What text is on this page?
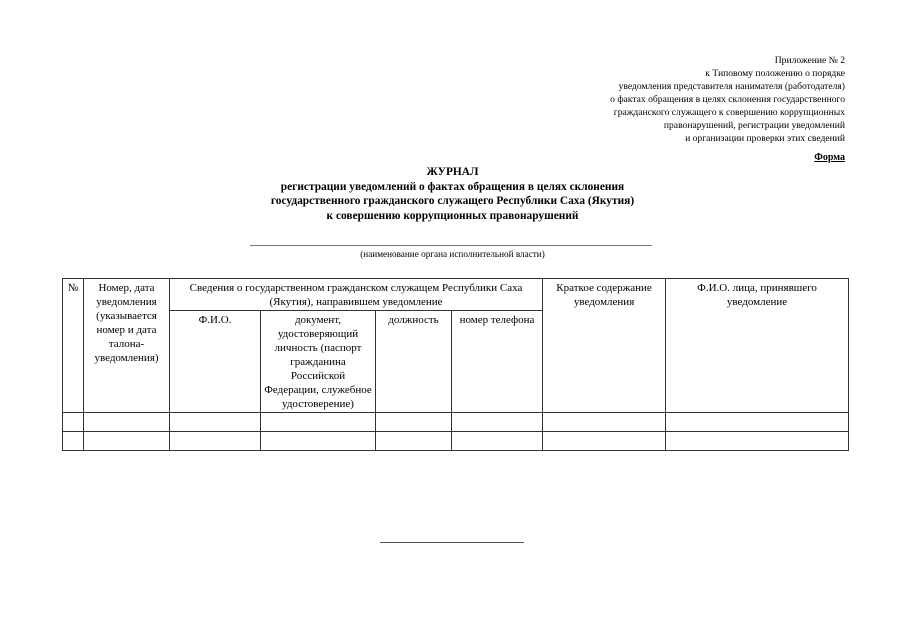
Приложение № 2
к Типовому положению о порядке
уведомления представителя нанимателя (работодателя)
о фактах обращения в целях склонения государственного
гражданского служащего к совершению коррупционных
правонарушений, регистрации уведомлений
и организации проверки этих сведений
Форма
ЖУРНАЛ
регистрации уведомлений о фактах обращения в целях склонения
государственного гражданского служащего Республики Саха (Якутия)
к совершению коррупционных правонарушений
(наименование органа исполнительной власти)
№	Номер, дата уведомления (указывается номер и дата талона-уведомления)	Сведения о государственном гражданском служащем Республики Саха (Якутия), направившем уведомление				Краткое содержание уведомления	Ф.И.О. лица, принявшего уведомление
		Ф.И.О.	документ, удостоверяющий личность (паспорт гражданина Российской Федерации, служебное удостоверение)	должность	номер телефона		
